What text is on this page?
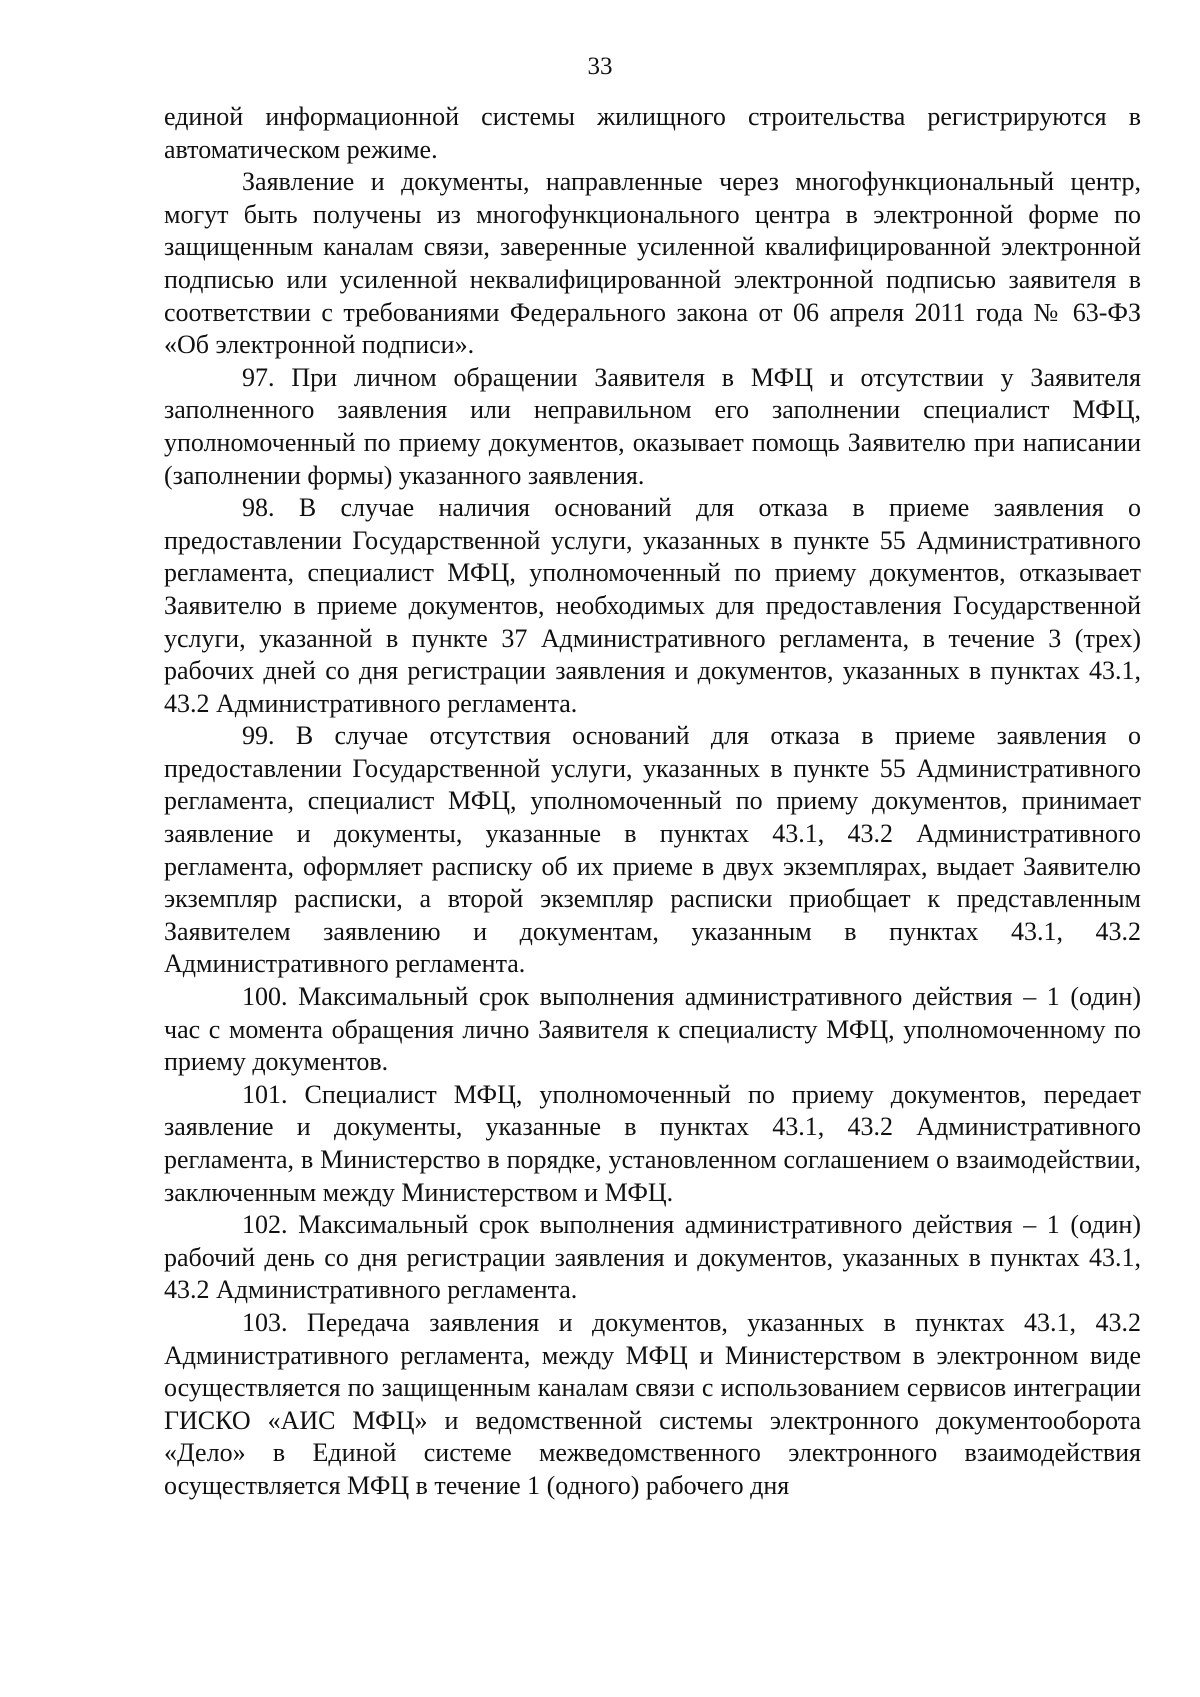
33

единой информационной системы жилищного строительства регистрируются в автоматическом режиме.

Заявление и документы, направленные через многофункциональный центр, могут быть получены из многофункционального центра в электронной форме по защищенным каналам связи, заверенные усиленной квалифицированной электронной подписью или усиленной неквалифицированной электронной подписью заявителя в соответствии с требованиями Федерального закона от 06 апреля 2011 года № 63-ФЗ «Об электронной подписи».

97. При личном обращении Заявителя в МФЦ и отсутствии у Заявителя заполненного заявления или неправильном его заполнении специалист МФЦ, уполномоченный по приему документов, оказывает помощь Заявителю при написании (заполнении формы) указанного заявления.

98. В случае наличия оснований для отказа в приеме заявления о предоставлении Государственной услуги, указанных в пункте 55 Административного регламента, специалист МФЦ, уполномоченный по приему документов, отказывает Заявителю в приеме документов, необходимых для предоставления Государственной услуги, указанной в пункте 37 Административного регламента, в течение 3 (трех) рабочих дней со дня регистрации заявления и документов, указанных в пунктах 43.1, 43.2 Административного регламента.

99. В случае отсутствия оснований для отказа в приеме заявления о предоставлении Государственной услуги, указанных в пункте 55 Административного регламента, специалист МФЦ, уполномоченный по приему документов, принимает заявление и документы, указанные в пунктах 43.1, 43.2 Административного регламента, оформляет расписку об их приеме в двух экземплярах, выдает Заявителю экземпляр расписки, а второй экземпляр расписки приобщает к представленным Заявителем заявлению и документам, указанным в пунктах 43.1, 43.2 Административного регламента.

100. Максимальный срок выполнения административного действия – 1 (один) час с момента обращения лично Заявителя к специалисту МФЦ, уполномоченному по приему документов.

101. Специалист МФЦ, уполномоченный по приему документов, передает заявление и документы, указанные в пунктах 43.1, 43.2 Административного регламента, в Министерство в порядке, установленном соглашением о взаимодействии, заключенным между Министерством и МФЦ.

102. Максимальный срок выполнения административного действия – 1 (один) рабочий день со дня регистрации заявления и документов, указанных в пунктах 43.1, 43.2 Административного регламента.

103. Передача заявления и документов, указанных в пунктах 43.1, 43.2 Административного регламента, между МФЦ и Министерством в электронном виде осуществляется по защищенным каналам связи с использованием сервисов интеграции ГИСКО «АИС МФЦ» и ведомственной системы электронного документооборота «Дело» в Единой системе межведомственного электронного взаимодействия осуществляется МФЦ в течение 1 (одного) рабочего дня
